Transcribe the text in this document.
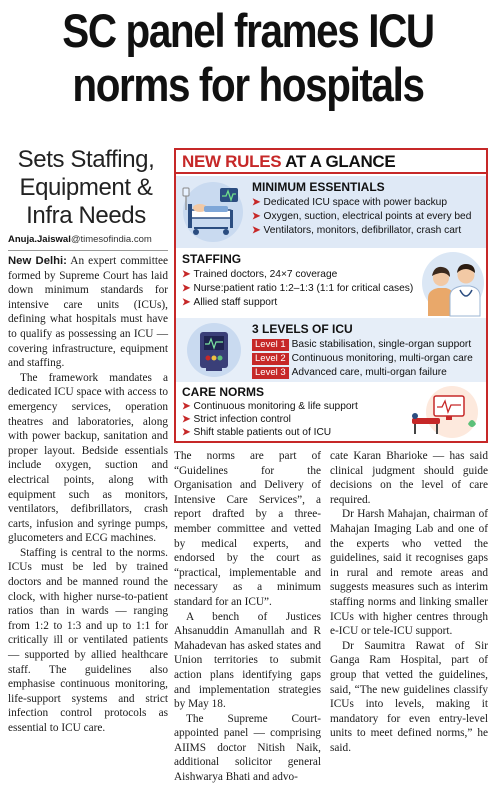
SC panel frames ICU
norms for hospitals
Sets Staffing,
Equipment &
Infra Needs
Anuja.Jaiswal@timesofindia.com

New Delhi: An expert committee formed by Supreme Court has laid down minimum standards for intensive care units (ICUs), defining what hospitals must have to qualify as possessing an ICU — covering infrastructure, equipment and staffing.

The framework mandates a dedicated ICU space with access to emergency services, operation theatres and laboratories, along with power backup, sanitation and proper layout. Bedside essentials include oxygen, suction and electrical points, along with equipment such as monitors, ventilators, defibrillators, crash carts, infusion and syringe pumps, glucometers and ECG machines.

Staffing is central to the norms. ICUs must be led by trained doctors and be manned round the clock, with higher nurse-to-patient ratios than in wards — ranging from 1:2 to 1:3 and up to 1:1 for critically ill or ventilated patients — supported by allied healthcare staff. The guidelines also emphasise continuous monitoring, life-support systems and strict infection control protocols as essential to ICU care.

The norms are part of “Guidelines for the Organisation and Delivery of Intensive Care Services”, a report drafted by a three-member committee and vetted by medical experts, and endorsed by the court as “practical, implementable and necessary as a minimum standard for an ICU”.

A bench of Justices Ahsanuddin Amanullah and R Mahadevan has asked states and Union territories to submit action plans identifying gaps and implementation strategies by May 18.

The Supreme Court-appointed panel — comprising AIIMS doctor Nitish Naik, additional solicitor general Aishwarya Bhati and advo-

cate Karan Bharioke — has said clinical judgment should guide decisions on the level of care required.

Dr Harsh Mahajan, chairman of Mahajan Imaging Lab and one of the experts who vetted the guidelines, said it recognises gaps in rural and remote areas and suggests measures such as interim staffing norms and linking smaller ICUs with higher centres through e-ICU or tele-ICU support.

Dr Saumitra Rawat of Sir Ganga Ram Hospital, part of group that vetted the guidelines, said, “The new guidelines classify ICUs into levels, making it mandatory for even entry-level units to meet defined norms,” he said.

NEW RULES AT A GLANCE
MINIMUM ESSENTIALS
➤ Dedicated ICU space with power backup
➤ Oxygen, suction, electrical points at every bed
➤ Ventilators, monitors, defibrillator, crash cart
STAFFING
➤ Trained doctors, 24×7 coverage
➤ Nurse:patient ratio 1:2–1:3 (1:1 for critical cases)
➤ Allied staff support
3 LEVELS OF ICU
Level 1 Basic stabilisation, single-organ support
Level 2 Continuous monitoring, multi-organ care
Level 3 Advanced care, multi-organ failure
CARE NORMS
➤ Continuous monitoring & life support
➤ Strict infection control
➤ Shift stable patients out of ICU
